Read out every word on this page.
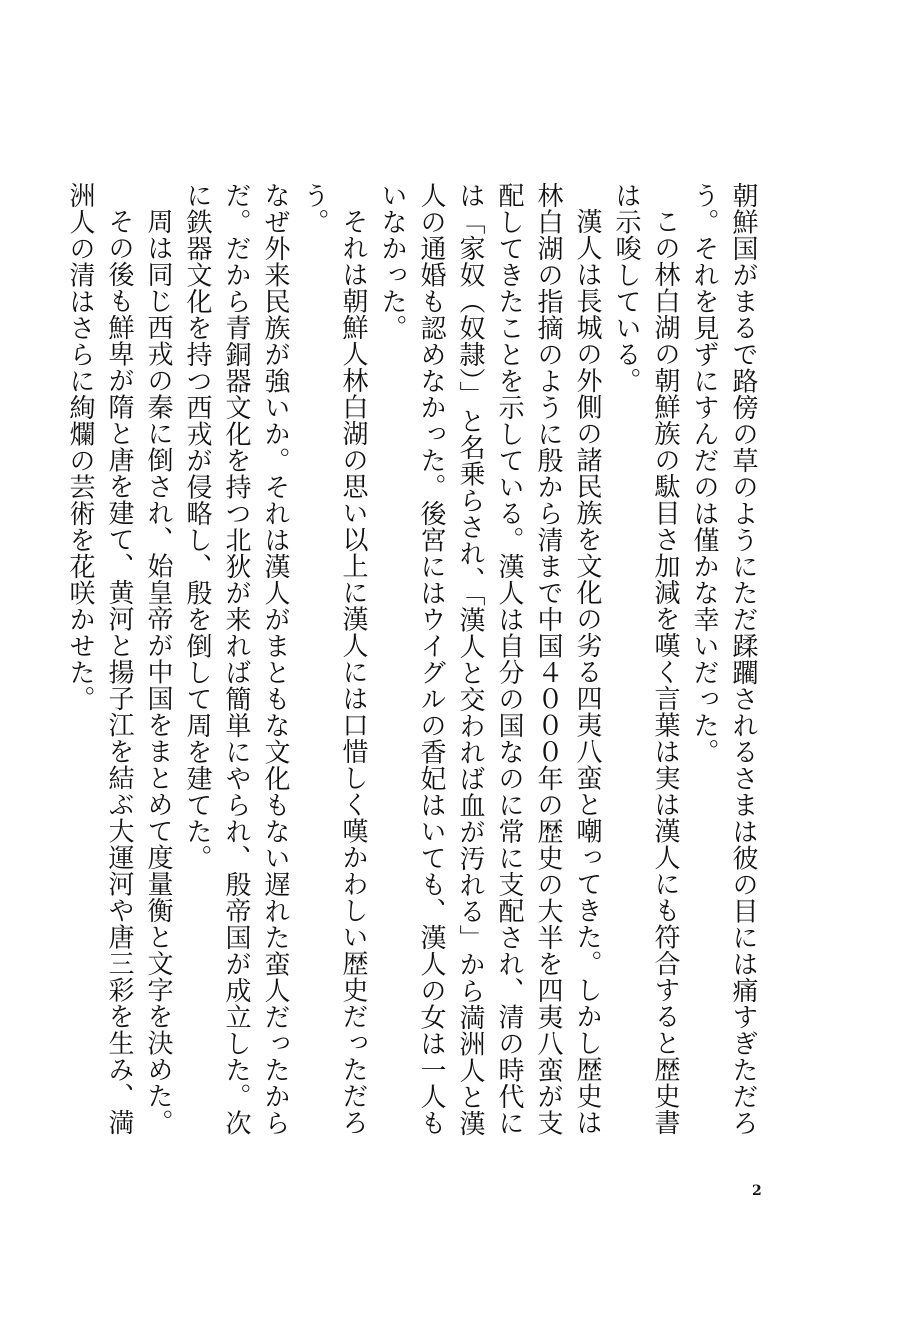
朝鮮国がまるで路傍の草のようにただ蹂躙されるさまは彼の目には痛すぎただろう。それを見ずにすんだのは僅かな幸いだった。

この林白湖の朝鮮族の駄目さ加減を嘆く言葉は実は漢人にも符合すると歴史書は示唆している。

漢人は長城の外側の諸民族を文化の劣る四夷八蛮と嘲ってきた。しかし歴史は林白湖の指摘のように殷から清まで中国４０００年の歴史の大半を四夷八蛮が支配してきたことを示している。漢人は自分の国なのに常に支配され、清の時代には「家奴（奴隷）」と名乗らされ、「漢人と交われば血が汚れる」から満洲人と漢人の通婚も認めなかった。後宮にはウイグルの香妃はいても、漢人の女は一人もいなかった。

それは朝鮮人林白湖の思い以上に漢人には口惜しく嘆かわしい歴史だっただろう。

なぜ外来民族が強いか。それは漢人がまともな文化もない遅れた蛮人だったからだ。だから青銅器文化を持つ北狄が来れば簡単にやられ、殷帝国が成立した。次に鉄器文化を持つ西戎が侵略し、殷を倒して周を建てた。

周は同じ西戎の秦に倒され、始皇帝が中国をまとめて度量衡と文字を決めた。

その後も鮮卑が隋と唐を建て、黄河と揚子江を結ぶ大運河や唐三彩を生み、満洲人の清はさらに絢爛の芸術を花咲かせた。

2
